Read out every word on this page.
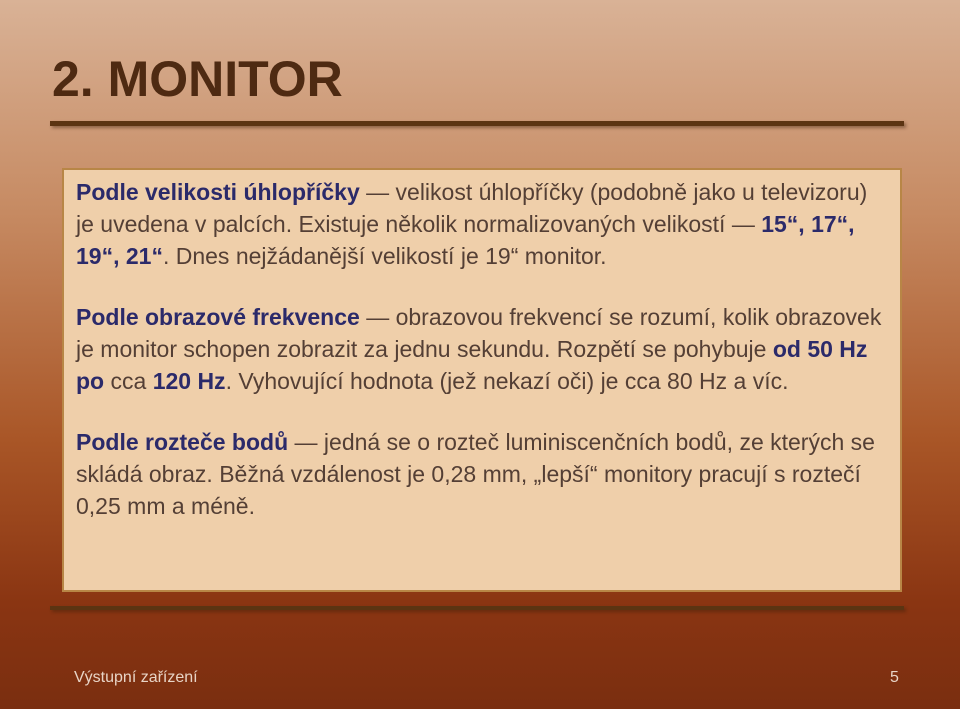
2. MONITOR

Podle velikosti úhlopříčky — velikost úhlopříčky (podobně jako u televizoru) je uvedena v palcích. Existuje několik normalizovaných velikostí — 15“, 17“, 19“, 21“. Dnes nejžádanější velikostí je 19“ monitor.

Podle obrazové frekvence — obrazovou frekvencí se rozumí, kolik obrazovek je monitor schopen zobrazit za jednu sekundu. Rozpětí se pohybuje od 50 Hz po cca 120 Hz. Vyhovující hodnota (jež nekazí oči) je cca 80 Hz a víc.

Podle rozteče bodů — jedná se o rozteč luminiscenčních bodů, ze kterých se skládá obraz. Běžná vzdálenost je 0,28 mm, „lepší“ monitory pracují s roztečí 0,25 mm a méně.

Výstupní zařízení	5
